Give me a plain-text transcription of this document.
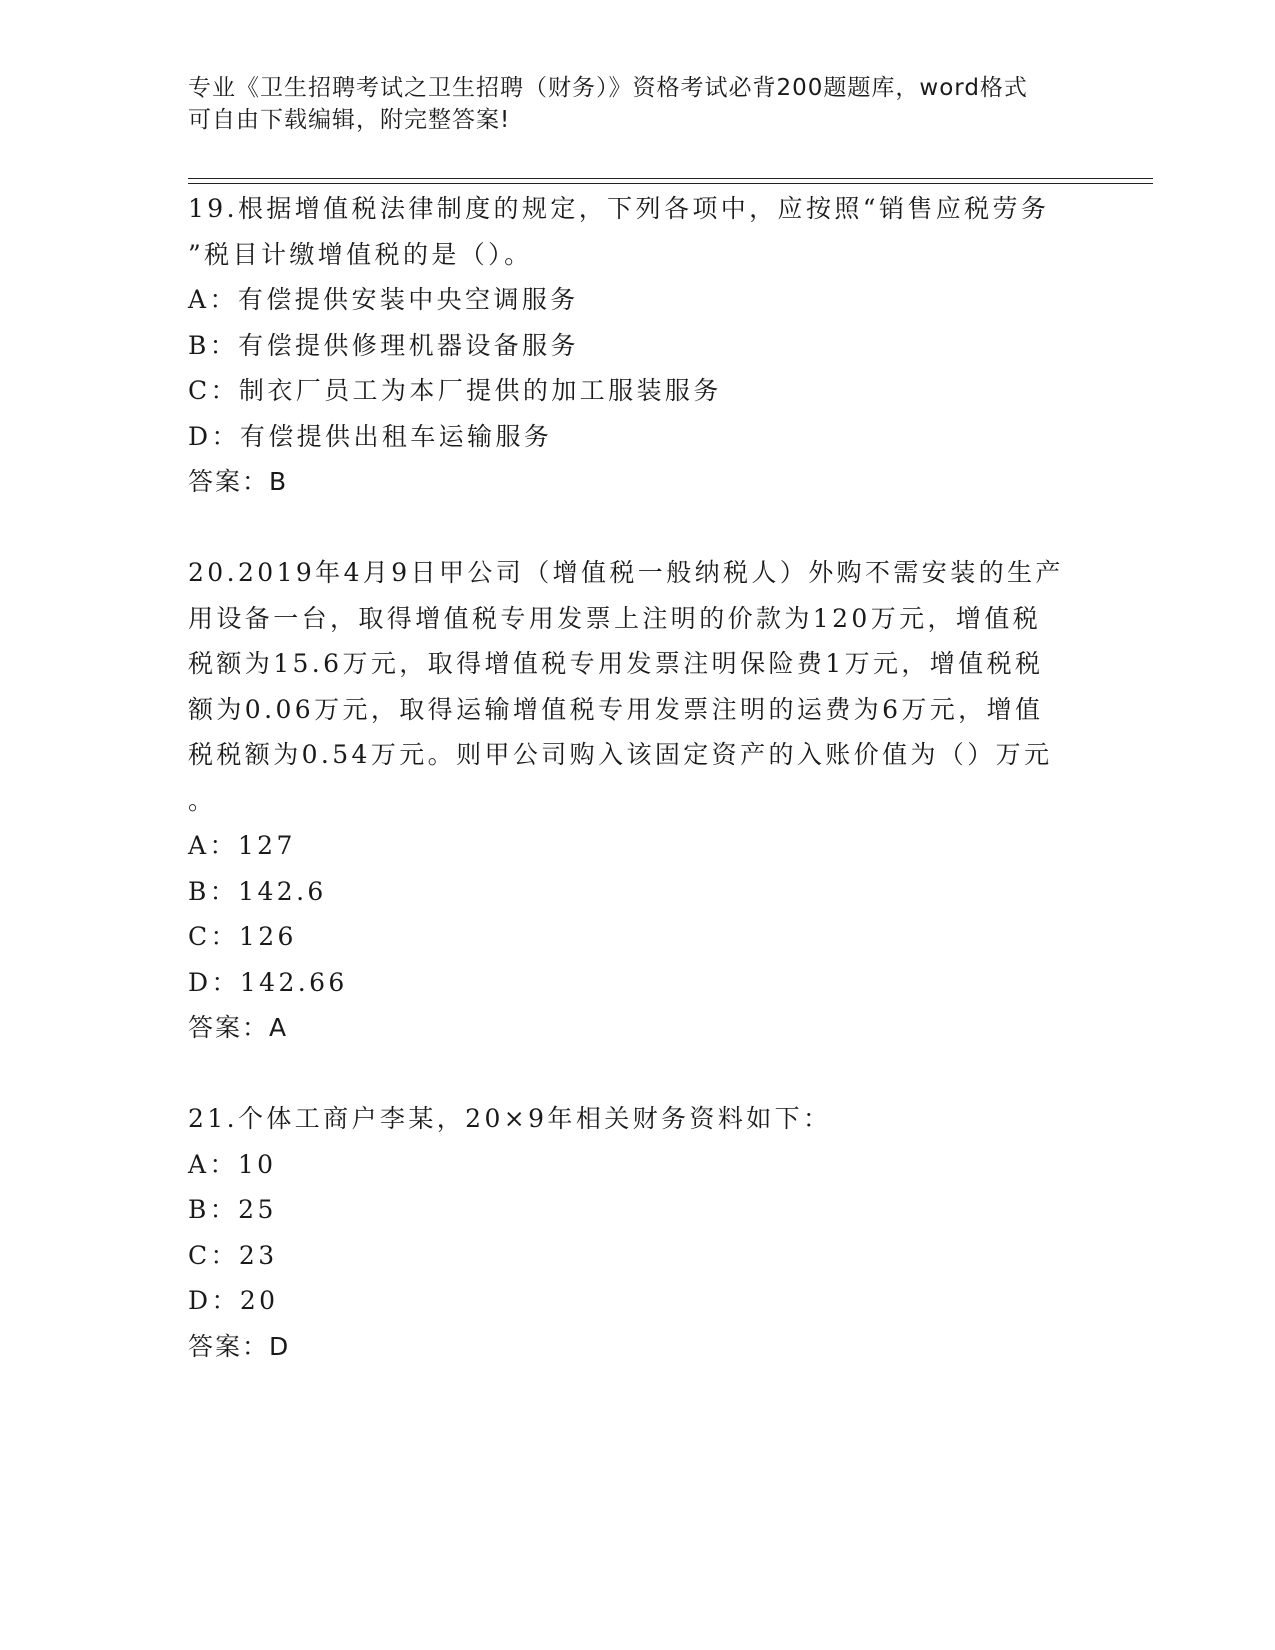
专业《卫生招聘考试之卫生招聘（财务）》资格考试必背200题题库，word格式
可自由下载编辑，附完整答案!

19.根据增值税法律制度的规定，下列各项中，应按照“销售应税劳务

”税目计缴增值税的是（）。

A：有偿提供安装中央空调服务

B：有偿提供修理机器设备服务

C：制衣厂员工为本厂提供的加工服装服务

D：有偿提供出租车运输服务

答案：B

20.2019年4月9日甲公司（增值税一般纳税人）外购不需安装的生产

用设备一台，取得增值税专用发票上注明的价款为120万元，增值税

税额为15.6万元，取得增值税专用发票注明保险费1万元，增值税税

额为0.06万元，取得运输增值税专用发票注明的运费为6万元，增值

税税额为0.54万元。则甲公司购入该固定资产的入账价值为（）万元

。

A：127

B：142.6

C：126

D：142.66

答案：A

21.个体工商户李某，20×9年相关财务资料如下：

A：10

B：25

C：23

D：20

答案：D
